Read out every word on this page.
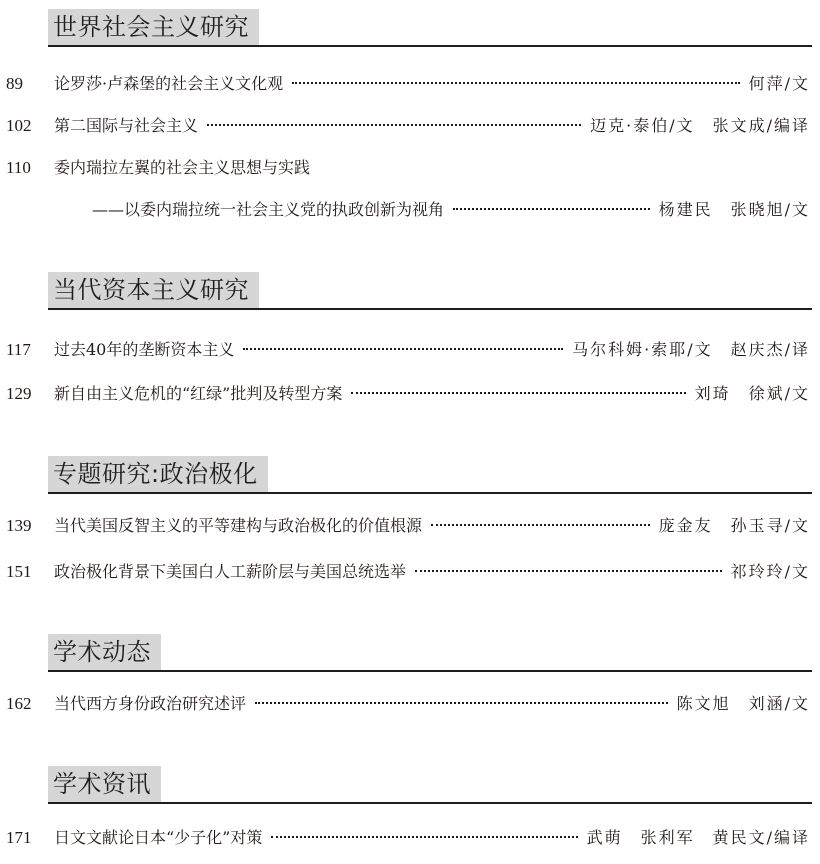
世界社会主义研究
89 论罗莎·卢森堡的社会主义文化观	何萍/文
102 第二国际与社会主义	迈克·泰伯/文　张文成/编译
110 委内瑞拉左翼的社会主义思想与实践
——以委内瑞拉统一社会主义党的执政创新为视角	杨建民　张晓旭/文
当代资本主义研究
117 过去40年的垄断资本主义	马尔科姆·索耶/文　赵庆杰/译
129 新自由主义危机的“红绿”批判及转型方案	刘琦　徐斌/文
专题研究:政治极化
139 当代美国反智主义的平等建构与政治极化的价值根源	庞金友　孙玉寻/文
151 政治极化背景下美国白人工薪阶层与美国总统选举	祁玲玲/文
学术动态
162 当代西方身份政治研究述评	陈文旭　刘涵/文
学术资讯
171 日文文献论日本“少子化”对策	武萌　张利军　黄民文/编译
